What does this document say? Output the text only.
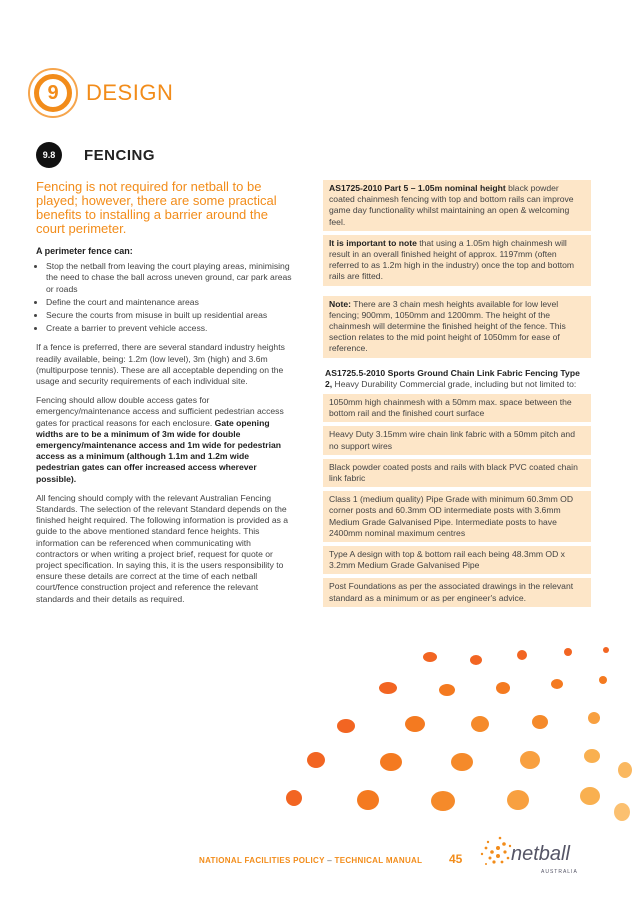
9 DESIGN
9.8	FENCING

Fencing is not required for netball to be played; however, there are some practical benefits to installing a barrier around the court perimeter.

A perimeter fence can:

• Stop the netball from leaving the court playing areas, minimising the need to chase the ball across uneven ground, car park areas or roads
• Define the court and maintenance areas
• Secure the courts from misuse in built up residential areas
• Create a barrier to prevent vehicle access.

If a fence is preferred, there are several standard industry heights readily available, being: 1.2m (low level), 3m (high) and 3.6m (multipurpose tennis). These are all acceptable depending on the usage and security requirements of each individual site.

Fencing should allow double access gates for emergency/maintenance access and sufficient pedestrian access gates for practical reasons for each enclosure. Gate opening widths are to be a minimum of 3m wide for double emergency/maintenance access and 1m wide for pedestrian access as a minimum (although 1.1m and 1.2m wide pedestrian gates can offer increased access wherever possible).

All fencing should comply with the relevant Australian Fencing Standards. The selection of the relevant Standard depends on the finished height required. The following information is provided as a guide to the above mentioned standard fence heights. This information can be referenced when communicating with contractors or when writing a project brief, request for quote or project specification. In saying this, it is the users responsibility to ensure these details are correct at the time of each netball court/fence construction project and reference the relevant standards and their details as required.

AS1725-2010 Part 5 – 1.05m nominal height black powder coated chainmesh fencing with top and bottom rails can improve game day functionality whilst maintaining an open & welcoming feel.
It is important to note that using a 1.05m high chainmesh will result in an overall finished height of approx. 1197mm (often referred to as 1.2m high in the industry) once the top and bottom rails are fitted.
Note: There are 3 chain mesh heights available for low level fencing; 900mm, 1050mm and 1200mm. The height of the chainmesh will determine the finished height of the fence. This section relates to the mid point height of 1050mm for ease of reference.

AS1725.5-2010 Sports Ground Chain Link Fabric Fencing Type 2, Heavy Durability Commercial grade, including but not limited to:

1050mm high chainmesh with a 50mm max. space between the bottom rail and the finished court surface
Heavy Duty 3.15mm wire chain link fabric with a 50mm pitch and no support wires
Black powder coated posts and rails with black PVC coated chain link fabric
Class 1 (medium quality) Pipe Grade with minimum 60.3mm OD corner posts and 60.3mm OD intermediate posts with 3.6mm Medium Grade Galvanised Pipe. Intermediate posts to have 2400mm nominal maximum centres
Type A design with top & bottom rail each being 48.3mm OD x 3.2mm Medium Grade Galvanised Pipe
Post Foundations as per the associated drawings in the relevant standard as a minimum or as per engineer's advice.
NATIONAL FACILITIES POLICY – TECHNICAL MANUAL 45 netball
AUSTRALIA
